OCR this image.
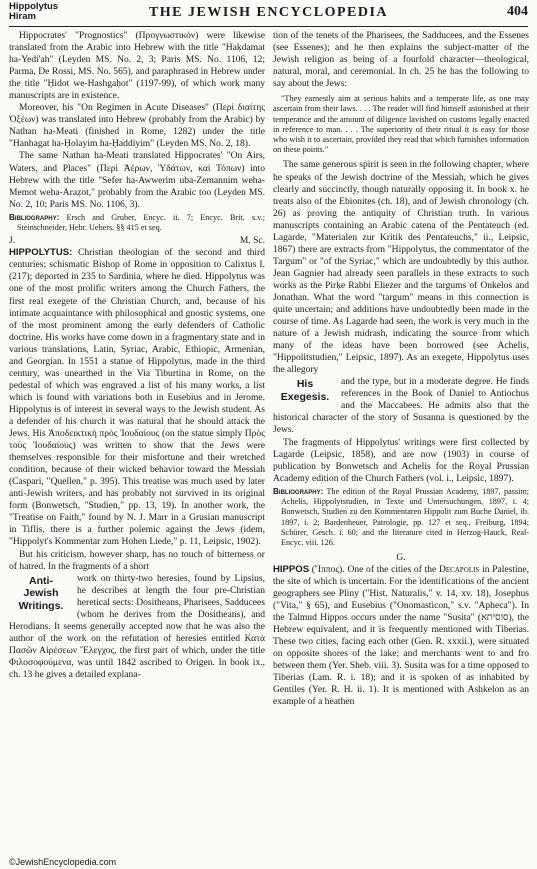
Hippolytus
Hiram	THE JEWISH ENCYCLOPEDIA	404

Hippocrates' "Prognostics" (Προγνωστικόν) were likewise translated from the Arabic into Hebrew with the title "Haḳdamat ha-Yedi'ah" (Leyden MS. No. 2, 3; Paris MS. No. 1106, 12; Parma, De Rossi, MS. No. 565), and paraphrased in Hebrew under the title "Ḥidot we-Hashgaḥot" (1197-99), of which work many manuscripts are in existence.

Moreover, his "On Regimen in Acute Diseases" (Περὶ διαίτης Ὀξέων) was translated into Hebrew (probably from the Arabic) by Nathan ha-Meati (finished in Rome, 1282) under the title "Hanhagat ha-Ḥolayim ha-Ḥaddiyim" (Leyden MS. No. 2, 18).

The same Nathan ha-Meati translated Hippocrates' "On Airs, Waters, and Places" (Περὶ Ἀέρων, Ὑδάτων, καὶ Τόπων) into Hebrew with the title "Sefer ha-Awwerim uba-Zemannim weha-Memot weha-Araẓot," probably from the Arabic too (Leyden MS. No. 2, 10; Paris MS. No. 1106, 3).

Bibliography: Ersch and Gruber, Encyc. ii. 7; Encyc. Brit. s.v.; Steinschneider, Hebr. Uebers. §§ 415 et seq.

J.	M. Sc.

HIPPOLYTUS: Christian theologian of the second and third centuries; schismatic Bishop of Rome in opposition to Calixtus I. (217); deported in 235 to Sardinia, where he died. Hippolytus was one of the most prolific writers among the Church Fathers, the first real exegete of the Christian Church, and, because of his intimate acquaintance with philosophical and gnostic systems, one of the most prominent among the early defenders of Catholic doctrine. His works have come down in a fragmentary state and in various translations, Latin, Syriac, Arabic, Ethiopic, Armenian, and Georgian. In 1551 a statue of Hippolytus, made in the third century, was unearthed in the Via Tiburtina in Rome, on the pedestal of which was engraved a list of his many works, a list which is found with variations both in Eusebius and in Jerome. Hippolytus is of interest in several ways to the Jewish student. As a defender of his church it was natural that he should attack the Jews. His Ἀποδεικτικὴ πρὸς Ἰουδαίους (on the statue simply Πρὸς τοὺς Ἰουδαίους) was written to show that the Jews were themselves responsible for their misfortune and their wretched condition, because of their wicked behavior toward the Messiah (Caspari, "Quellen," p. 395). This treatise was much used by later anti-Jewish writers, and has probably not survived in its original form (Bonwetsch, "Studien," pp. 13, 19). In another work, the "Treatise on Faith," found by N. J. Marr in a Grusian manuscript in Tiflis, there is a further polemic against the Jews (idem, "Hippolyt's Kommentar zum Hohen Liede," p. 11, Leipsic, 1902).

But his criticism, however sharp, has no touch of bitterness or of hatred. In the fragments of a short

Anti-
Jewish
Writings.

work on thirty-two heresies, found by Lipsius, he describes at length the four pre-Christian heretical sects: Dositheans, Pharisees, Sadducees (whom he derives from the Dositheans), and Herodians. It seems generally accepted now that he was also the author of the work on the refutation of heresies entitled Κατὰ Πασῶν Αἱρέσεων Ἔλεγχος, the first part of which, under the title Φιλοσοφούμενα, was until 1842 ascribed to Origen. In book ix., ch. 13 he gives a detailed explana-

tion of the tenets of the Pharisees, the Sadducees, and the Essenes (see Essenes); and he then explains the subject-matter of the Jewish religion as being of a fourfold character—theological, natural, moral, and ceremonial. In ch. 25 he has the following to say about the Jews:

"They earnestly aim at serious habits and a temperate life, as one may ascertain from their laws. . . . The reader will find himself astonished at their temperance and the amount of diligence lavished on customs legally enacted in reference to man. . . . The superiority of their ritual it is easy for those who wish it to ascertain, provided they read that which furnishes information on these points."

The same generous spirit is seen in the following chapter, where he speaks of the Jewish doctrine of the Messiah, which he gives clearly and succinctly, though naturally opposing it. In book x. he treats also of the Ebionites (ch. 18), and of Jewish chronology (ch. 26) as proving the antiquity of Christian truth. In various manuscripts containing an Arabic catena of the Pentateuch (ed. Lagarde, "Materialen zur Kritik des Pentateuchs," ii., Leipsic, 1867) there are extracts from "Hippolytus, the commentator of the Targum" or "of the Syriac," which are undoubtedly by this author. Jean Gagnier had already seen parallels in these extracts to such works as the Pirḳe Rabbi Eliezer and the targums of Onkelos and Jonathan. What the word "targum" means in this connection is quite uncertain; and additions have undoubtedly been made in the course of time. As Lagarde had seen, the work is very much in the nature of a Jewish midrash, indicating the source from which many of the ideas have been borrowed (see Achelis, "Hippolitstudien," Leipsic, 1897). As an exegete, Hippolytus uses the allegory

His
Exegesis.

and the type, but in a moderate degree. He finds references in the Book of Daniel to Antiochus and the Maccabees. He admits also that the historical character of the story of Susanna is questioned by the Jews.

The fragments of Hippolytus' writings were first collected by Lagarde (Leipsic, 1858), and are now (1903) in course of publication by Bonwetsch and Achelis for the Royal Prussian Academy edition of the Church Fathers (vol. i., Leipsic, 1897).

Bibliography: The edition of the Royal Prussian Academy, 1897, passim; Achelis, Hippolytstudien, in Texte und Untersuchungen, 1897, i. 4; Bonwetsch, Studien zu den Kommentaren Hippolit zum Buche Daniel, ib. 1897, i. 2; Bardenheuer, Patrologie, pp. 127 et seq., Freiburg, 1894; Schürer, Gesch. i. 60; and the literature cited in Herzog-Hauck, Real-Encyc. viii. 126.

G.

HIPPOS (Ἵππος). One of the cities of the Decapolis in Palestine, the site of which is uncertain. For the identifications of the ancient geographers see Pliny ("Hist. Naturalis," v. 14, xv. 18), Josephus ("Vita," § 65), and Eusebius ("Onomasticon," s.v. "Apheca"). In the Talmud Hippos occurs under the name "Susita" (סוסיתא), the Hebrew equivalent, and it is frequently mentioned with Tiberias. These two cities, facing each other (Gen. R. xxxii.), were situated on opposite shores of the lake; and merchants went to and fro between them (Yer. Sheb. viii. 3). Susita was for a time opposed to Tiberias (Lam. R. i. 18); and it is spoken of as inhabited by Gentiles (Yer. R. H. ii. 1). It is mentioned with Ashkelon as an example of a heathen

©JewishEncyclopedia.com
